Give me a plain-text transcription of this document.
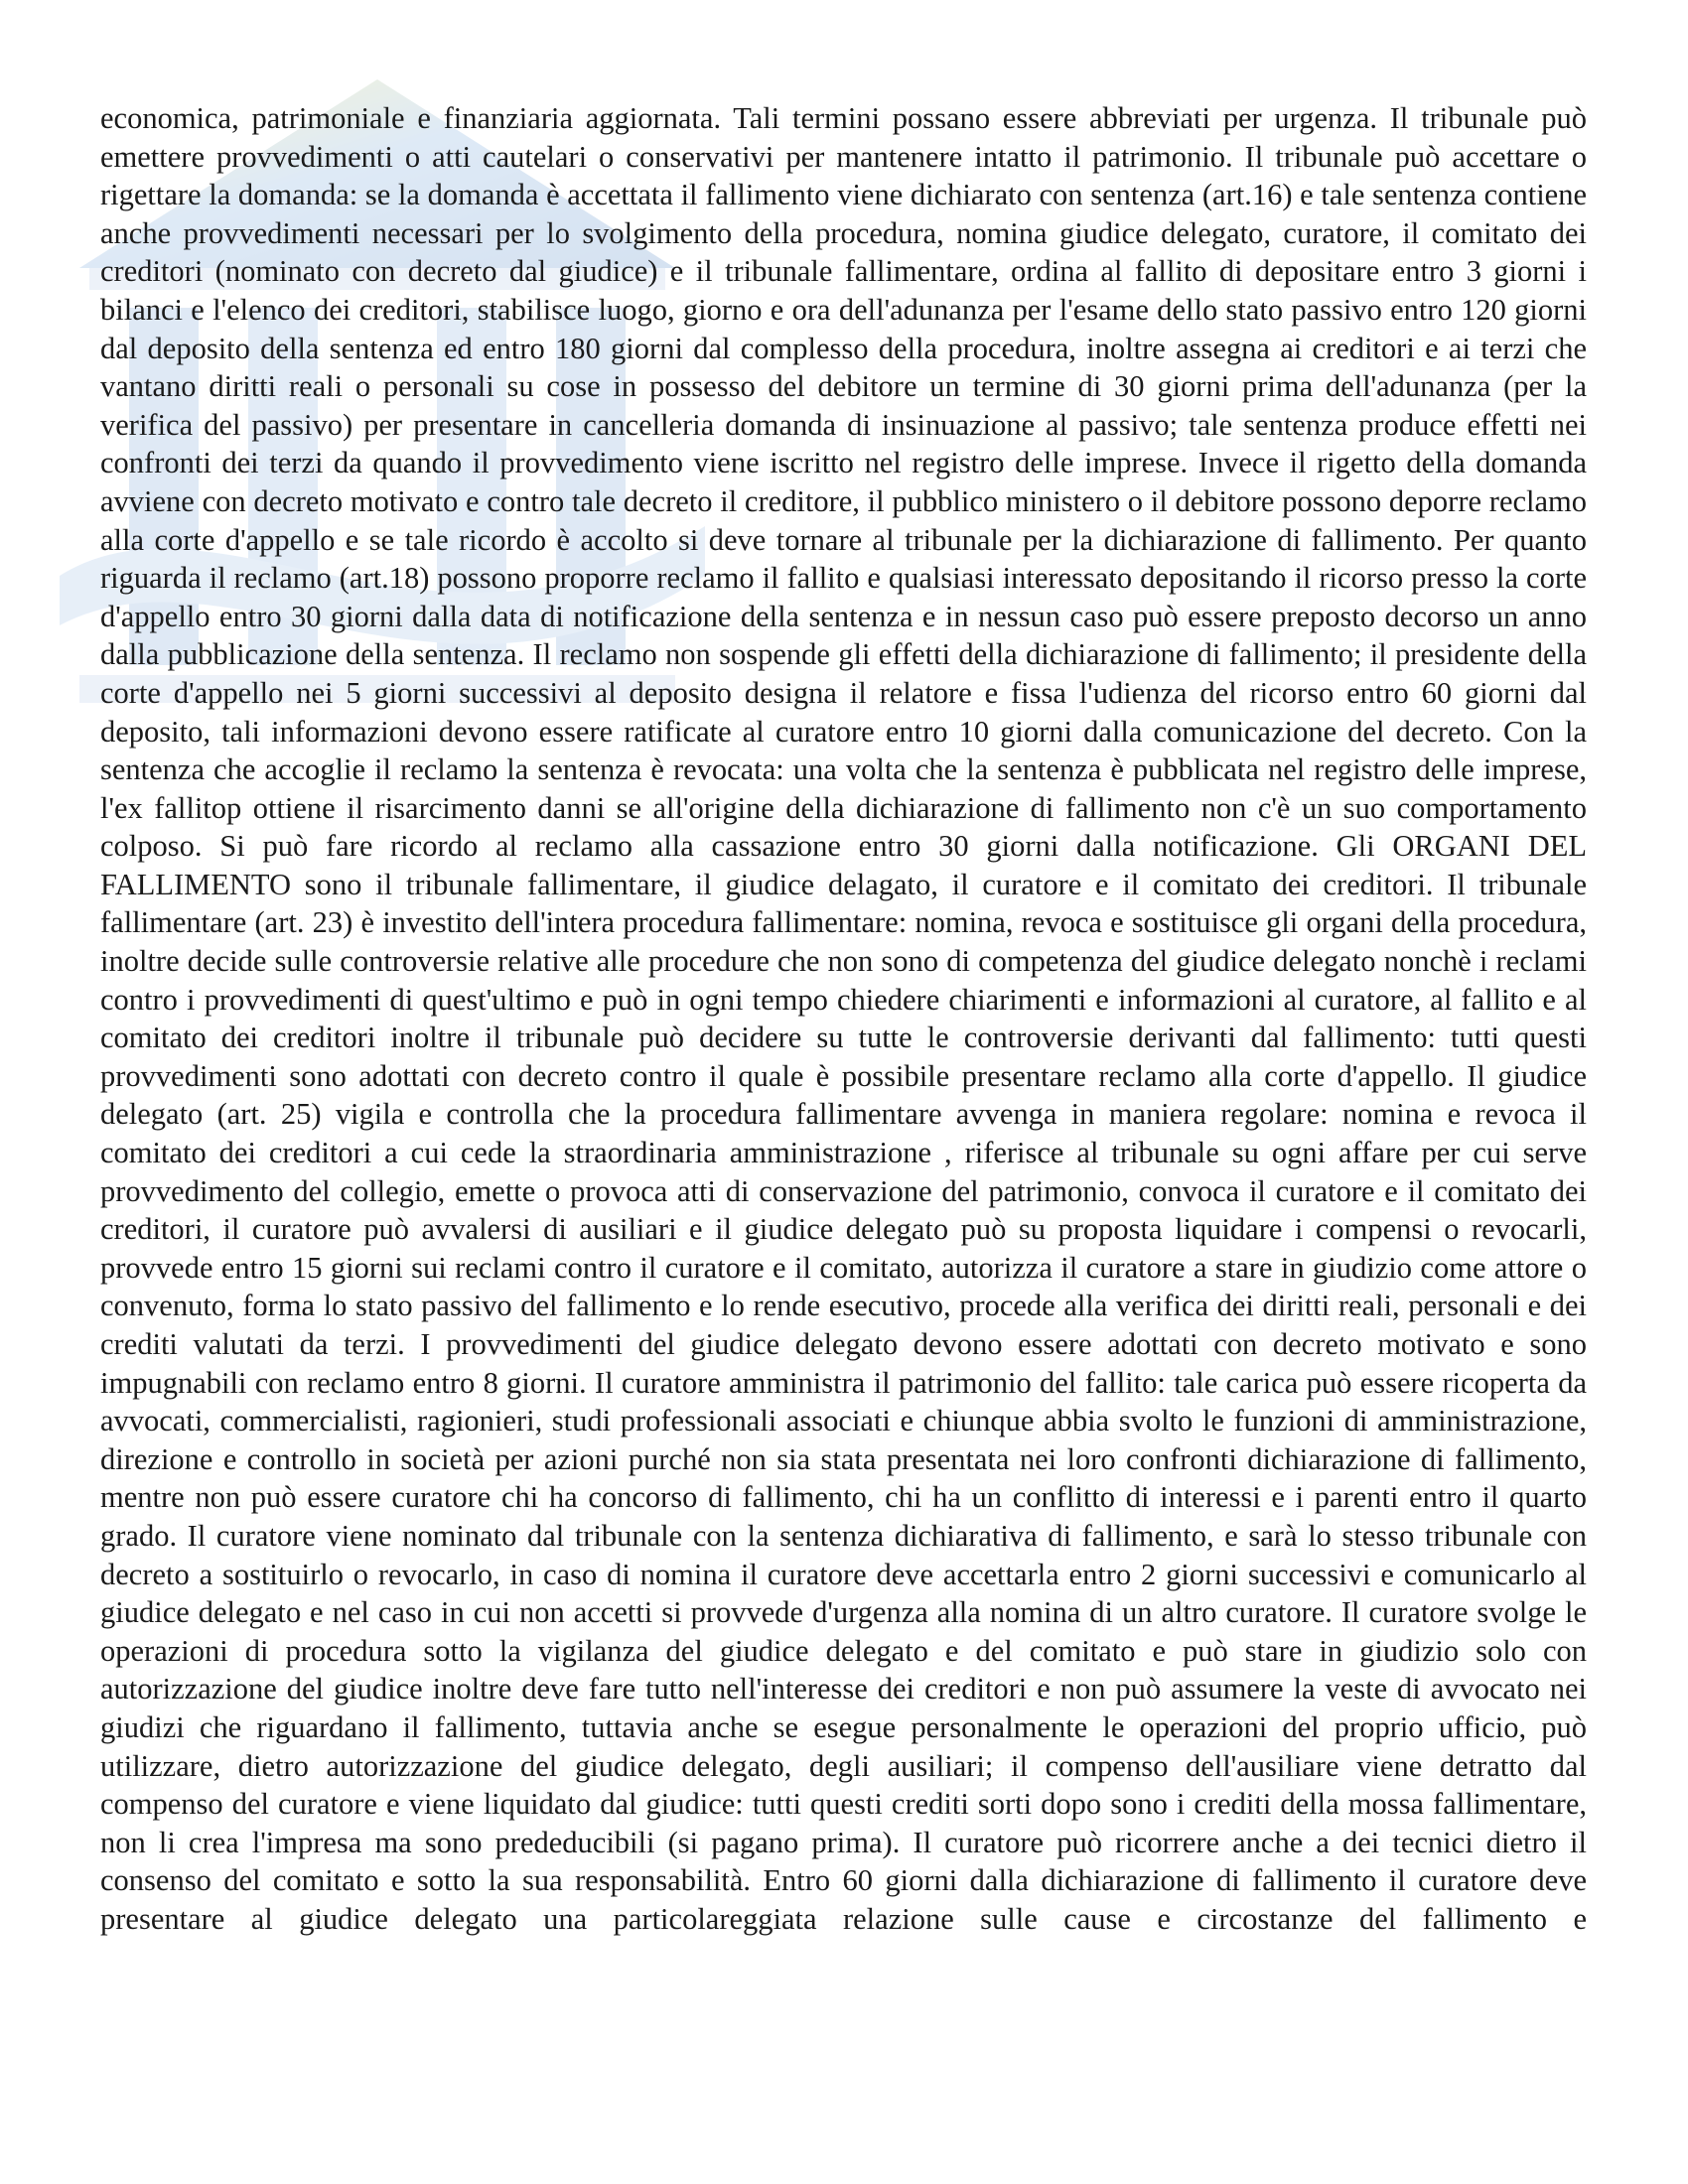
economica, patrimoniale e finanziaria aggiornata. Tali termini possano essere abbreviati per urgenza. Il tribunale può emettere provvedimenti o atti cautelari o conservativi per mantenere intatto il patrimonio. Il tribunale può accettare o rigettare la domanda: se la domanda è accettata il fallimento viene dichiarato con sentenza (art.16) e tale sentenza contiene anche provvedimenti necessari per lo svolgimento della procedura, nomina giudice delegato, curatore, il comitato dei creditori (nominato con decreto dal giudice) e il tribunale fallimentare, ordina al fallito di depositare entro 3 giorni i bilanci e l'elenco dei creditori, stabilisce luogo, giorno e ora dell'adunanza per l'esame dello stato passivo entro 120 giorni dal deposito della sentenza ed entro 180 giorni dal complesso della procedura, inoltre assegna ai creditori e ai terzi che vantano diritti reali o personali su cose in possesso del debitore un termine di 30 giorni prima dell'adunanza (per la verifica del passivo) per presentare in cancelleria domanda di insinuazione al passivo; tale sentenza produce effetti nei confronti dei terzi da quando il provvedimento viene iscritto nel registro delle imprese. Invece il rigetto della domanda avviene con decreto motivato e contro tale decreto il creditore, il pubblico ministero o il debitore possono deporre reclamo alla corte d'appello e se tale ricordo è accolto si deve tornare al tribunale per la dichiarazione di fallimento. Per quanto riguarda il reclamo (art.18) possono proporre reclamo il fallito e qualsiasi interessato depositando il ricorso presso la corte d'appello entro 30 giorni dalla data di notificazione della sentenza e in nessun caso può essere preposto decorso un anno dalla pubblicazione della sentenza. Il reclamo non sospende gli effetti della dichiarazione di fallimento; il presidente della corte d'appello nei 5 giorni successivi al deposito designa il relatore e fissa l'udienza del ricorso entro 60 giorni dal deposito, tali informazioni devono essere ratificate al curatore entro 10 giorni dalla comunicazione del decreto. Con la sentenza che accoglie il reclamo la sentenza è revocata: una volta che la sentenza è pubblicata nel registro delle imprese, l'ex fallitop ottiene il risarcimento danni se all'origine della dichiarazione di fallimento non c'è un suo comportamento colposo. Si può fare ricordo al reclamo alla cassazione entro 30 giorni dalla notificazione. Gli ORGANI DEL FALLIMENTO sono il tribunale fallimentare, il giudice delagato, il curatore e il comitato dei creditori. Il tribunale fallimentare (art. 23) è investito dell'intera procedura fallimentare: nomina, revoca e sostituisce gli organi della procedura, inoltre decide sulle controversie relative alle procedure che non sono di competenza del giudice delegato nonchè i reclami contro i provvedimenti di quest'ultimo e può in ogni tempo chiedere chiarimenti e informazioni al curatore, al fallito e al comitato dei creditori inoltre il tribunale può decidere su tutte le controversie derivanti dal fallimento: tutti questi provvedimenti sono adottati con decreto contro il quale è possibile presentare reclamo alla corte d'appello. Il giudice delegato (art. 25) vigila e controlla che la procedura fallimentare avvenga in maniera regolare: nomina e revoca il comitato dei creditori a cui cede la straordinaria amministrazione , riferisce al tribunale su ogni affare per cui serve provvedimento del collegio, emette o provoca atti di conservazione del patrimonio, convoca il curatore e il comitato dei creditori, il curatore può avvalersi di ausiliari e il giudice delegato può su proposta liquidare i compensi o revocarli, provvede entro 15 giorni sui reclami contro il curatore e il comitato, autorizza il curatore a stare in giudizio come attore o convenuto, forma lo stato passivo del fallimento e lo rende esecutivo, procede alla verifica dei diritti reali, personali e dei crediti valutati da terzi. I provvedimenti del giudice delegato devono essere adottati con decreto motivato e sono impugnabili con reclamo entro 8 giorni. Il curatore amministra il patrimonio del fallito: tale carica può essere ricoperta da avvocati, commercialisti, ragionieri, studi professionali associati e chiunque abbia svolto le funzioni di amministrazione, direzione e controllo in società per azioni purché non sia stata presentata nei loro confronti dichiarazione di fallimento, mentre non può essere curatore chi ha concorso di fallimento, chi ha un conflitto di interessi e i parenti entro il quarto grado. Il curatore viene nominato dal tribunale con la sentenza dichiarativa di fallimento, e sarà lo stesso tribunale con decreto a sostituirlo o revocarlo, in caso di nomina il curatore deve accettarla entro 2 giorni successivi e comunicarlo al giudice delegato e nel caso in cui non accetti si provvede d'urgenza alla nomina di un altro curatore. Il curatore svolge le operazioni di procedura sotto la vigilanza del giudice delegato e del comitato e può stare in giudizio solo con autorizzazione del giudice inoltre deve fare tutto nell'interesse dei creditori e non può assumere la veste di avvocato nei giudizi che riguardano il fallimento, tuttavia anche se esegue personalmente le operazioni del proprio ufficio, può utilizzare, dietro autorizzazione del giudice delegato, degli ausiliari; il compenso dell'ausiliare viene detratto dal compenso del curatore e viene liquidato dal giudice: tutti questi crediti sorti dopo sono i crediti della mossa fallimentare, non li crea l'impresa ma sono prededucibili (si pagano prima). Il curatore può ricorrere anche a dei tecnici dietro il consenso del comitato e sotto la sua responsabilità. Entro 60 giorni dalla dichiarazione di fallimento il curatore deve presentare al giudice delegato una particolareggiata relazione sulle cause e circostanze del fallimento e
